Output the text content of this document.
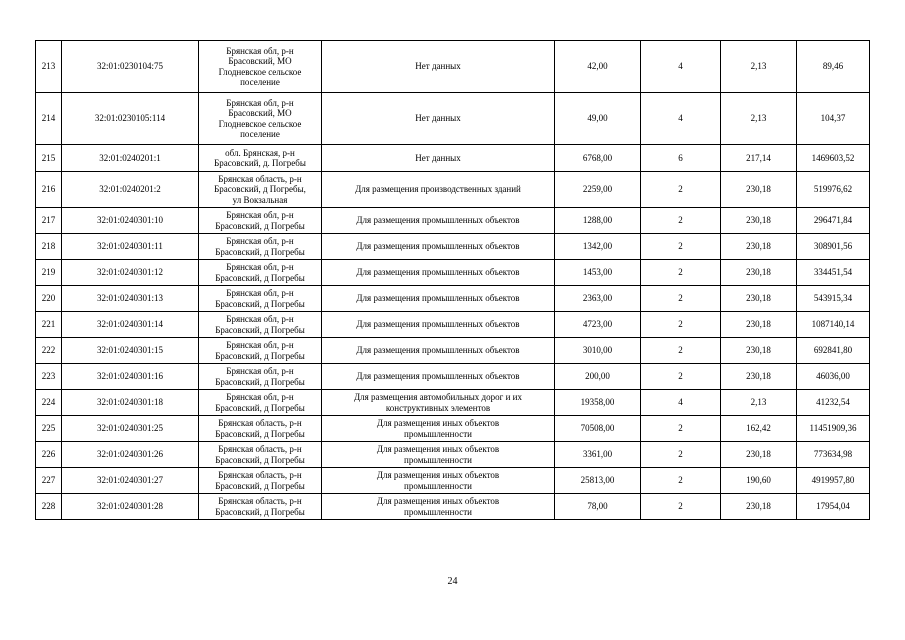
213	32:01:0230104:75	Брянская обл, р-н
Брасовский, МО
Глодневское сельское
поселение	Нет данных	42,00	4	2,13	89,46
214	32:01:0230105:114	Брянская обл, р-н
Брасовский, МО
Глодневское сельское
поселение	Нет данных	49,00	4	2,13	104,37
215	32:01:0240201:1	обл. Брянская, р-н
Брасовский, д. Погребы	Нет данных	6768,00	6	217,14	1469603,52
216	32:01:0240201:2	Брянская область, р-н
Брасовский, д Погребы,
ул Вокзальная	Для размещения производственных зданий	2259,00	2	230,18	519976,62
217	32:01:0240301:10	Брянская обл, р-н
Брасовский, д Погребы	Для размещения промышленных объектов	1288,00	2	230,18	296471,84
218	32:01:0240301:11	Брянская обл, р-н
Брасовский, д Погребы	Для размещения промышленных объектов	1342,00	2	230,18	308901,56
219	32:01:0240301:12	Брянская обл, р-н
Брасовский, д Погребы	Для размещения промышленных объектов	1453,00	2	230,18	334451,54
220	32:01:0240301:13	Брянская обл, р-н
Брасовский, д Погребы	Для размещения промышленных объектов	2363,00	2	230,18	543915,34
221	32:01:0240301:14	Брянская обл, р-н
Брасовский, д Погребы	Для размещения промышленных объектов	4723,00	2	230,18	1087140,14
222	32:01:0240301:15	Брянская обл, р-н
Брасовский, д Погребы	Для размещения промышленных объектов	3010,00	2	230,18	692841,80
223	32:01:0240301:16	Брянская обл, р-н
Брасовский, д Погребы	Для размещения промышленных объектов	200,00	2	230,18	46036,00
224	32:01:0240301:18	Брянская обл, р-н
Брасовский, д Погребы	Для размещения автомобильных дорог и их
конструктивных элементов	19358,00	4	2,13	41232,54
225	32:01:0240301:25	Брянская область, р-н
Брасовский, д Погребы	Для размещения иных объектов
промышленности	70508,00	2	162,42	11451909,36
226	32:01:0240301:26	Брянская область, р-н
Брасовский, д Погребы	Для размещения иных объектов
промышленности	3361,00	2	230,18	773634,98
227	32:01:0240301:27	Брянская область, р-н
Брасовский, д Погребы	Для размещения иных объектов
промышленности	25813,00	2	190,60	4919957,80
228	32:01:0240301:28	Брянская область, р-н
Брасовский, д Погребы	Для размещения иных объектов
промышленности	78,00	2	230,18	17954,04
24
